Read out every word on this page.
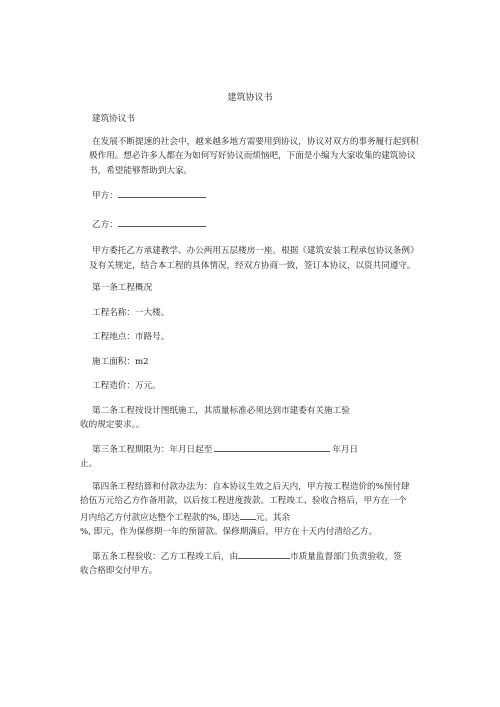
建筑协议书

建筑协议书

在发展不断提速的社会中，越来越多地方需要用到协议，协议对双方的事务履行起到积极作用。想必许多人都在为如何写好协议而烦恼吧，下面是小编为大家收集的建筑协议书，希望能够帮助到大家。

甲方：

乙方：

甲方委托乙方承建教学、办公两用五层楼房一座。根据《建筑安装工程承包协议条例》及有关规定，结合本工程的具体情况，经双方协商一致，签订本协议，以资共同遵守。

第一条工程概况

工程名称：一大楼。

工程地点：市路号。

施工面积：m2

工程造价：万元。

第二条工程按设计图纸施工，其质量标准必须达到市建委有关施工验

收的规定要求。。

第三条工程期限为：年月日起至	年月日

止。

第四条工程结算和付款办法为：自本协议生效之后天内，甲方按工程造价的%预付肆

拾伍万元给乙方作备用款，以后按工程进度拨款。工程竣工、验收合格后，甲方在一个

月内给乙方付款应达整个工程款的%, 即达 元。其余

%, 即元，作为保修期一年的预留款。保修期满后，甲方在十天内付清给乙方。

第五条工程验收：乙方工程竣工后，由	市质量监督部门负责验收，签

收合格即交付甲方。
